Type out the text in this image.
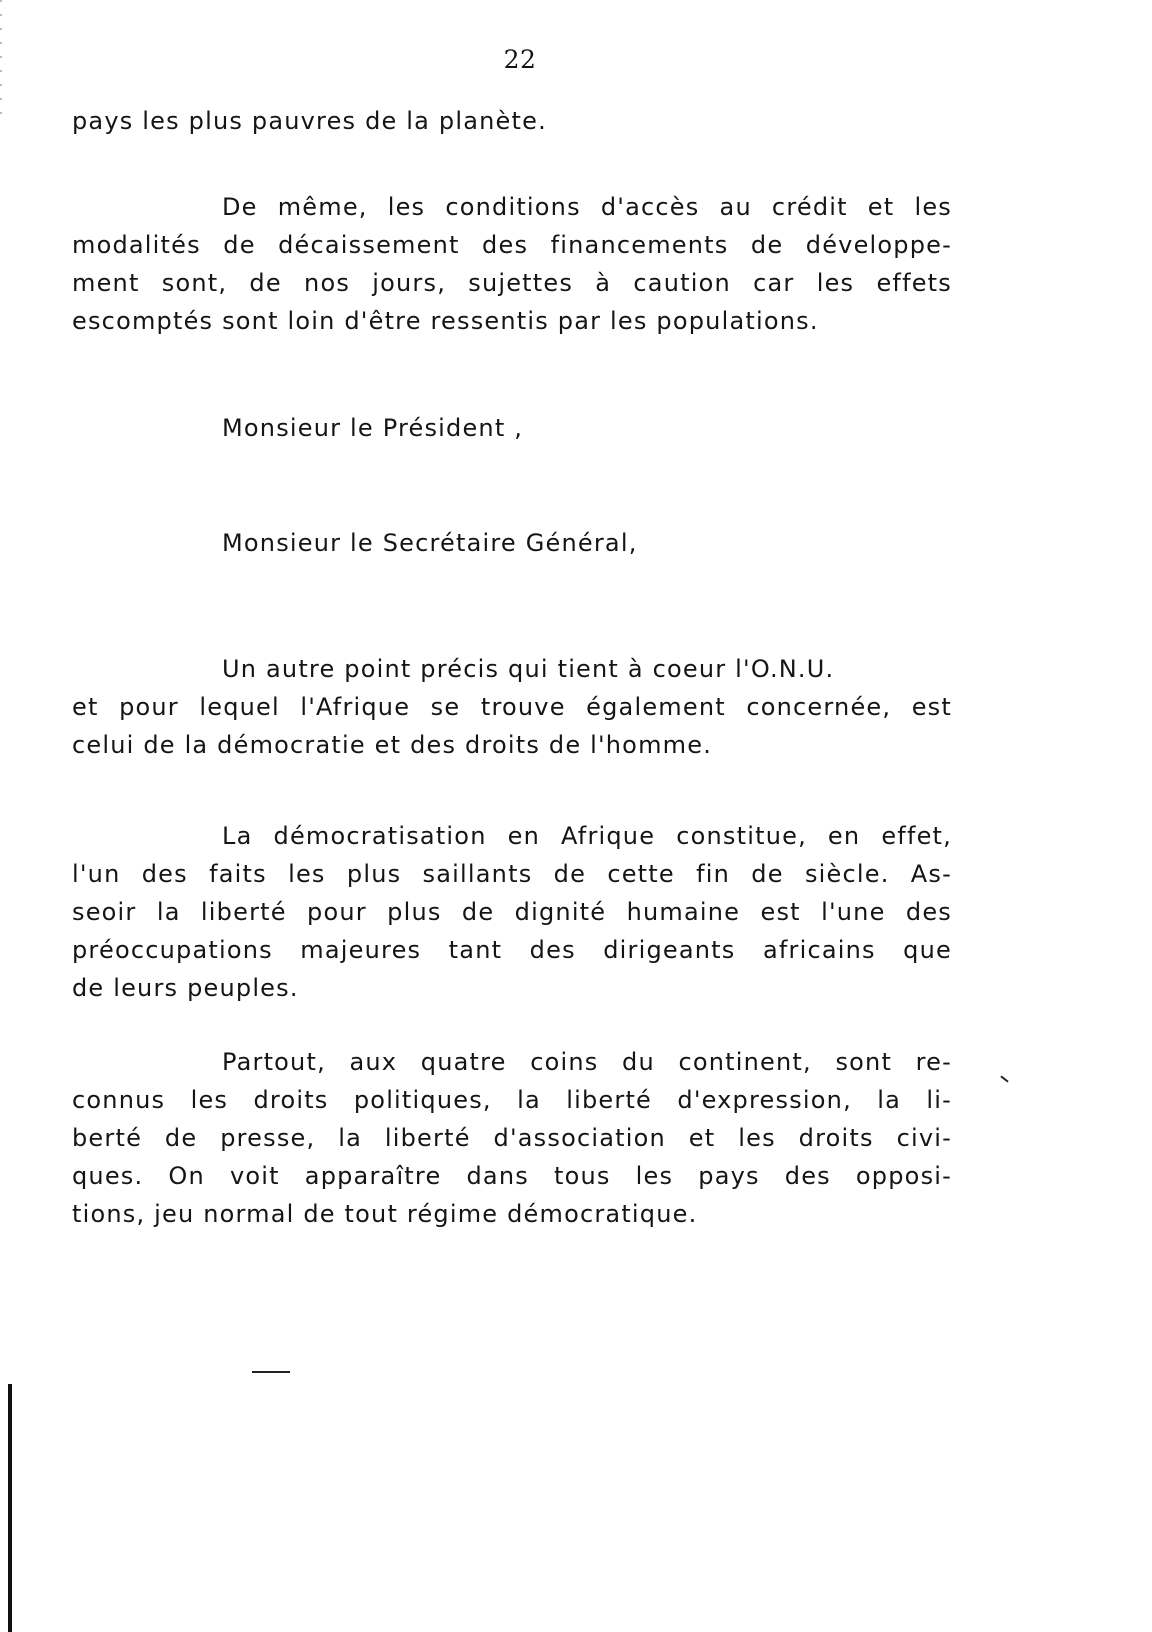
22
pays les plus pauvres de la planète.
De même, les conditions d'accès au crédit et les
modalités de décaissement des financements de développe-
ment sont, de nos jours, sujettes à caution car les effets
escomptés sont loin d'être ressentis par les populations.
Monsieur le Président ,
Monsieur le Secrétaire Général,
Un autre point précis qui tient à coeur l'O.N.U.
et pour lequel l'Afrique se trouve également concernée, est
celui de la démocratie et des droits de l'homme.
La démocratisation en Afrique constitue, en effet,
l'un des faits les plus saillants de cette fin de siècle. As-
seoir la liberté pour plus de dignité humaine est l'une des
préoccupations majeures tant des dirigeants africains que
de leurs peuples.
Partout, aux quatre coins du continent, sont re-
connus les droits politiques, la liberté d'expression, la li-
berté de presse, la liberté d'association et les droits civi-
ques. On voit apparaître dans tous les pays des opposi-
tions, jeu normal de tout régime démocratique.
